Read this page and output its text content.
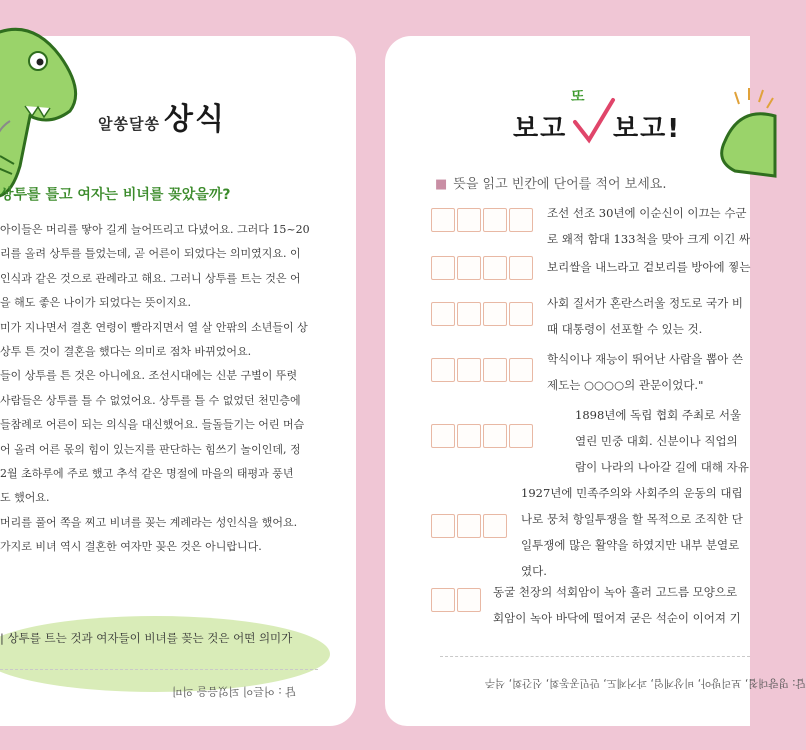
알쏭달쏭 상식
상투를 틀고 여자는 비녀를 꽂았을까?
아이들은 머리를 땋아 길게 늘어뜨리고 다녔어요. 그러다 15~20
리를 올려 상투를 틀었는데, 곧 어른이 되었다는 의미였지요. 이
인식과 같은 것으로 관례라고 해요. 그러니 상투를 트는 것은 어
을 해도 좋은 나이가 되었다는 뜻이지요.
미가 지나면서 결혼 연령이 빨라지면서 열 살 안팎의 소년들이 상
상투 튼 것이 결혼을 했다는 의미로 점차 바뀌었어요.
들이 상투를 튼 것은 아니에요. 조선시대에는 신분 구별이 뚜렷
사람들은 상투를 틀 수 없었어요. 상투를 틀 수 없었던 천민층에
들참례로 어른이 되는 의식을 대신했어요. 들돌들기는 어린 머슴
어 올려 어른 몫의 힘이 있는지를 판단하는 힘쓰기 놀이인데, 정
2월 초하루에 주로 했고 추석 같은 명절에 마을의 태평과 풍년
도 했어요.
머리를 풀어 쪽을 찌고 비녀를 꽂는 계례라는 성인식을 했어요.
가지로 비녀 역시 결혼한 여자만 꽂은 것은 아니랍니다.
| 상투를 트는 것과 여자들이 비녀를 꽂는 것은 어떤 의미가
답 : 어른이 되었음을 의미
보고
또
보고!
■ 뜻을 읽고 빈칸에 단어를 적어 보세요.
조선 선조 30년에 이순신이 이끄는 수군
로 왜적 함대 133척을 맞아 크게 이긴 싸
보리쌀을 내느라고 겉보리를 방아에 찧는
사회 질서가 혼란스러울 정도로 국가 비
때 대통령이 선포할 수 있는 것.
학식이나 재능이 뛰어난 사람을 뽑아 쓴
제도는 ○○○○의 관문이었다."
1898년에 독립 협회 주최로 서울
열린 민중 대회. 신분이나 직업의
람이 나라의 나아갈 길에 대해 자유
1927년에 민족주의와 사회주의 운동의 대립
나로 뭉쳐 항일투쟁을 할 목적으로 조직한 단
일투쟁에 많은 활약을 하였지만 내부 분열로
였다.
동굴 천장의 석회암이 녹아 흘러 고드름 모양으로
회암이 녹아 바닥에 떨어져 굳은 석순이 이어져 기
답: 명량대첩, 보리방아, 비상계엄, 과거제도, 만민공동회, 신간회, 석주
